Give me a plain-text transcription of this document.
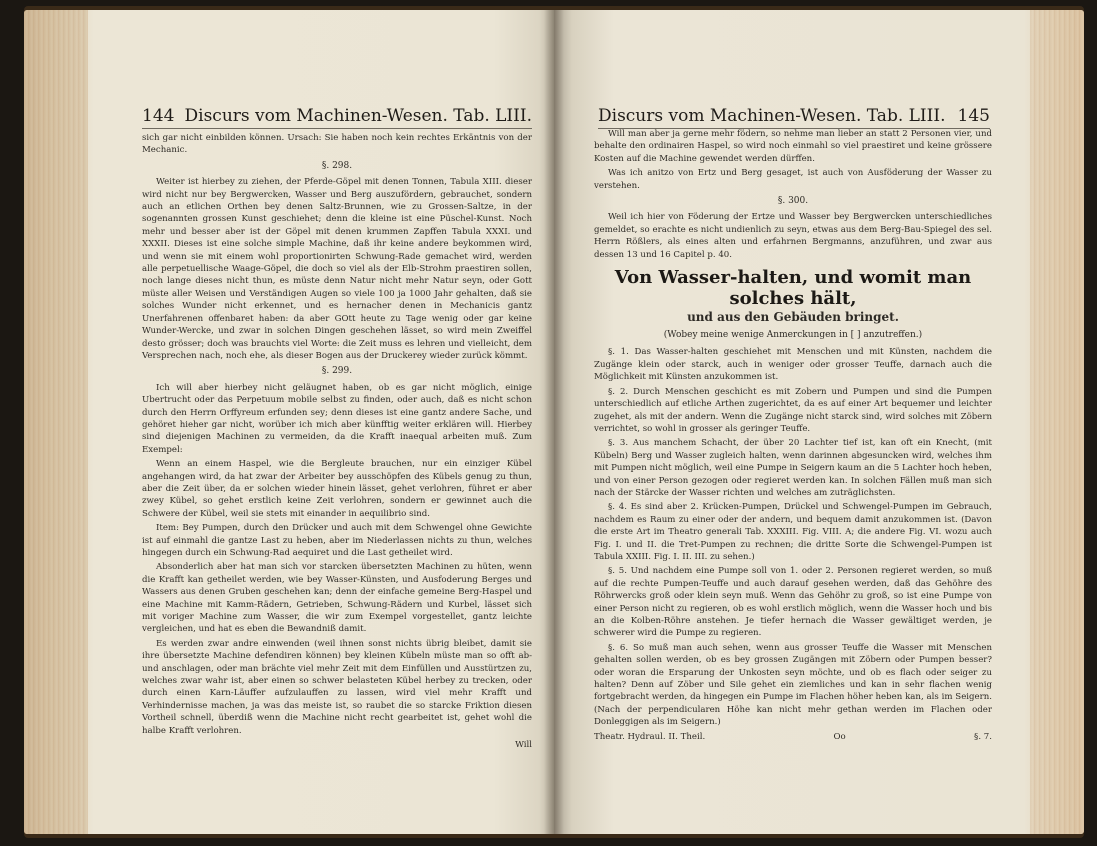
144 Discurs vom Machinen-Wesen. Tab. LIII.

sich gar nicht einbilden können. Ursach: Sie haben noch kein rechtes Erkäntnis von der Mechanic.

§. 298.

Weiter ist hierbey zu ziehen, der Pferde-Göpel mit denen Tonnen, Tabula XIII. dieser wird nicht nur bey Bergwercken, Wasser und Berg auszufördern, gebrauchet, sondern auch an etlichen Orthen bey denen Saltz-Brunnen, wie zu Grossen-Saltze, in der sogenannten grossen Kunst geschiehet; denn die kleine ist eine Püschel-Kunst. Noch mehr und besser aber ist der Göpel mit denen krummen Zapffen Tabula XXXI. und XXXII. Dieses ist eine solche simple Machine, daß ihr keine andere beykommen wird, und wenn sie mit einem wohl proportionirten Schwung-Rade gemachet wird, werden alle perpetuellische Waage-Göpel, die doch so viel als der Elb-Strohm praestiren sollen, noch lange dieses nicht thun, es müste denn Natur nicht mehr Natur seyn, oder Gott müste aller Weisen und Verständigen Augen so viele 100 ja 1000 Jahr gehalten, daß sie solches Wunder nicht erkennet, und es hernacher denen in Mechanicis gantz Unerfahrenen offenbaret haben: da aber GOtt heute zu Tage wenig oder gar keine Wunder-Wercke, und zwar in solchen Dingen geschehen lässet, so wird mein Zweiffel desto grösser; doch was brauchts viel Worte: die Zeit muss es lehren und vielleicht, dem Versprechen nach, noch ehe, als dieser Bogen aus der Druckerey wieder zurück kömmt.

§. 299.

Ich will aber hierbey nicht geläugnet haben, ob es gar nicht möglich, einige Ubertrucht oder das Perpetuum mobile selbst zu finden, oder auch, daß es nicht schon durch den Herrn Orffyreum erfunden sey; denn dieses ist eine gantz andere Sache, und gehöret hieher gar nicht, worüber ich mich aber künfftig weiter erklären will. Hierbey sind diejenigen Machinen zu vermeiden, da die Krafft inaequal arbeiten muß. Zum Exempel:

Wenn an einem Haspel, wie die Bergleute brauchen, nur ein einziger Kübel angehangen wird, da hat zwar der Arbeiter bey ausschöpfen des Kübels genug zu thun, aber die Zeit über, da er solchen wieder hinein lässet, gehet verlohren, führet er aber zwey Kübel, so gehet erstlich keine Zeit verlohren, sondern er gewinnet auch die Schwere der Kübel, weil sie stets mit einander in aequilibrio sind.

Item: Bey Pumpen, durch den Drücker und auch mit dem Schwengel ohne Gewichte ist auf einmahl die gantze Last zu heben, aber im Niederlassen nichts zu thun, welches hingegen durch ein Schwung-Rad aequiret und die Last getheilet wird.

Absonderlich aber hat man sich vor starcken übersetzten Machinen zu hüten, wenn die Krafft kan getheilet werden, wie bey Wasser-Künsten, und Ausfoderung Berges und Wassers aus denen Gruben geschehen kan; denn der einfache gemeine Berg-Haspel und eine Machine mit Kamm-Rädern, Getrieben, Schwung-Rädern und Kurbel, lässet sich mit voriger Machine zum Wasser, die wir zum Exempel vorgestellet, gantz leichte vergleichen, und hat es eben die Bewandniß damit.

Es werden zwar andre einwenden (weil ihnen sonst nichts übrig bleibet, damit sie ihre übersetzte Machine defendiren können) bey kleinen Kübeln müste man so offt ab- und anschlagen, oder man brächte viel mehr Zeit mit dem Einfüllen und Ausstürtzen zu, welches zwar wahr ist, aber einen so schwer belasteten Kübel herbey zu trecken, oder durch einen Karn-Läuffer aufzulauffen zu lassen, wird viel mehr Krafft und Verhindernisse machen, ja was das meiste ist, so raubet die so starcke Friktion diesen Vortheil schnell, überdiß wenn die Machine nicht recht gearbeitet ist, gehet wohl die halbe Krafft verlohren.

Will
Discurs vom Machinen-Wesen. Tab. LIII. 145

Will man aber ja gerne mehr födern, so nehme man lieber an statt 2 Personen vier, und behalte den ordinairen Haspel, so wird noch einmahl so viel praestiret und keine grössere Kosten auf die Machine gewendet werden dürffen.

Was ich anitzo von Ertz und Berg gesaget, ist auch von Ausföderung der Wasser zu verstehen.

§. 300.

Weil ich hier von Föderung der Ertze und Wasser bey Bergwercken unterschiedliches gemeldet, so erachte es nicht undienlich zu seyn, etwas aus dem Berg-Bau-Spiegel des sel. Herrn Rößlers, als eines alten und erfahrnen Bergmanns, anzuführen, und zwar aus dessen 13 und 16 Capitel p. 40.

Von Wasser-halten, und womit man solches hält,
und aus den Gebäuden bringet.
(Wobey meine wenige Anmerckungen in [ ] anzutreffen.)

§. 1. Das Wasser-halten geschiehet mit Menschen und mit Künsten, nachdem die Zugänge klein oder starck, auch in weniger oder grosser Teuffe, darnach auch die Möglichkeit mit Künsten anzukommen ist.

§. 2. Durch Menschen geschicht es mit Zobern und Pumpen und sind die Pumpen unterschiedlich auf etliche Arthen zugerichtet, da es auf einer Art bequemer und leichter zugehet, als mit der andern. Wenn die Zugänge nicht starck sind, wird solches mit Zöbern verrichtet, so wohl in grosser als geringer Teuffe.

§. 3. Aus manchem Schacht, der über 20 Lachter tief ist, kan oft ein Knecht, (mit Kübeln) Berg und Wasser zugleich halten, wenn darinnen abgesuncken wird, welches ihm mit Pumpen nicht möglich, weil eine Pumpe in Seigern kaum an die 5 Lachter hoch heben, und von einer Person gezogen oder regieret werden kan. In solchen Fällen muß man sich nach der Stärcke der Wasser richten und welches am zuträglichsten.

§. 4. Es sind aber 2. Krücken-Pumpen, Drückel und Schwengel-Pumpen im Gebrauch, nachdem es Raum zu einer oder der andern, und bequem damit anzukommen ist. (Davon die erste Art im Theatro generali Tab. XXXIII. Fig. VIII. A; die andere Fig. VI. wozu auch Fig. I. und II. die Tret-Pumpen zu rechnen; die dritte Sorte die Schwengel-Pumpen ist Tabula XXIII. Fig. I. II. III. zu sehen.)

§. 5. Und nachdem eine Pumpe soll von 1. oder 2. Personen regieret werden, so muß auf die rechte Pumpen-Teuffe und auch darauf gesehen werden, daß das Gehöhre des Röhrwercks groß oder klein seyn muß. Wenn das Gehöhr zu groß, so ist eine Pumpe von einer Person nicht zu regieren, ob es wohl erstlich möglich, wenn die Wasser hoch und bis an die Kolben-Röhre anstehen. Je tiefer hernach die Wasser gewältiget werden, je schwerer wird die Pumpe zu regieren.

§. 6. So muß man auch sehen, wenn aus grosser Teuffe die Wasser mit Menschen gehalten sollen werden, ob es bey grossen Zugängen mit Zöbern oder Pumpen besser? oder woran die Ersparung der Unkosten seyn möchte, und ob es flach oder seiger zu halten? Denn auf Zöber und Sile gehet ein ziemliches und kan in sehr flachen wenig fortgebracht werden, da hingegen ein Pumpe im Flachen höher heben kan, als im Seigern. (Nach der perpendicularen Höhe kan nicht mehr gethan werden im Flachen oder Donleggigen als im Seigern.)

Theatr. Hydraul. II. Theil.	Oo	§. 7.
